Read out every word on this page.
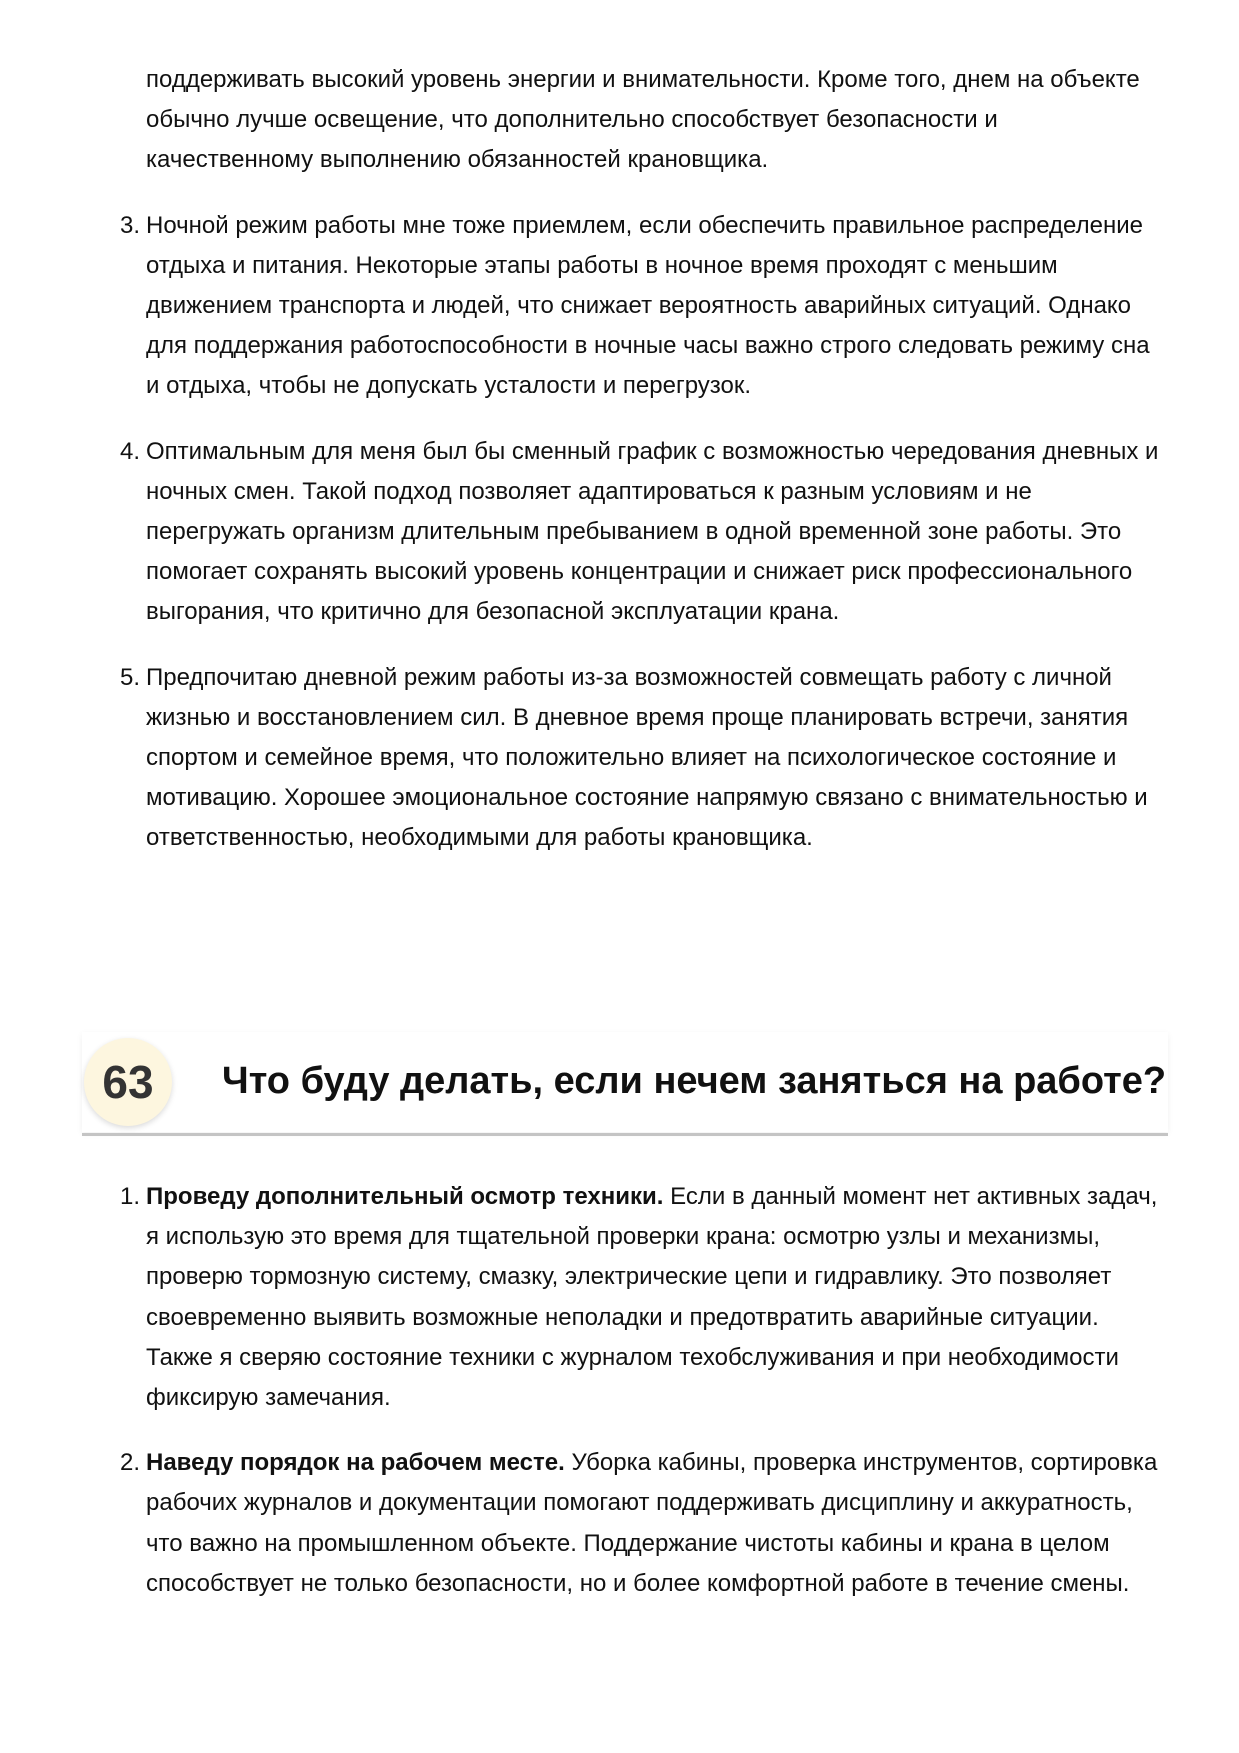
поддерживать высокий уровень энергии и внимательности. Кроме того, днем на объекте обычно лучше освещение, что дополнительно способствует безопасности и качественному выполнению обязанностей крановщика.
3. Ночной режим работы мне тоже приемлем, если обеспечить правильное распределение отдыха и питания. Некоторые этапы работы в ночное время проходят с меньшим движением транспорта и людей, что снижает вероятность аварийных ситуаций. Однако для поддержания работоспособности в ночные часы важно строго следовать режиму сна и отдыха, чтобы не допускать усталости и перегрузок.
4. Оптимальным для меня был бы сменный график с возможностью чередования дневных и ночных смен. Такой подход позволяет адаптироваться к разным условиям и не перегружать организм длительным пребыванием в одной временной зоне работы. Это помогает сохранять высокий уровень концентрации и снижает риск профессионального выгорания, что критично для безопасной эксплуатации крана.
5. Предпочитаю дневной режим работы из-за возможностей совмещать работу с личной жизнью и восстановлением сил. В дневное время проще планировать встречи, занятия спортом и семейное время, что положительно влияет на психологическое состояние и мотивацию. Хорошее эмоциональное состояние напрямую связано с внимательностью и ответственностью, необходимыми для работы крановщика.
63	Что буду делать, если нечем заняться на работе?
1. Проведу дополнительный осмотр техники. Если в данный момент нет активных задач, я использую это время для тщательной проверки крана: осмотрю узлы и механизмы, проверю тормозную систему, смазку, электрические цепи и гидравлику. Это позволяет своевременно выявить возможные неполадки и предотвратить аварийные ситуации. Также я сверяю состояние техники с журналом техобслуживания и при необходимости фиксирую замечания.
2. Наведу порядок на рабочем месте. Уборка кабины, проверка инструментов, сортировка рабочих журналов и документации помогают поддерживать дисциплину и аккуратность, что важно на промышленном объекте. Поддержание чистоты кабины и крана в целом способствует не только безопасности, но и более комфортной работе в течение смены.
